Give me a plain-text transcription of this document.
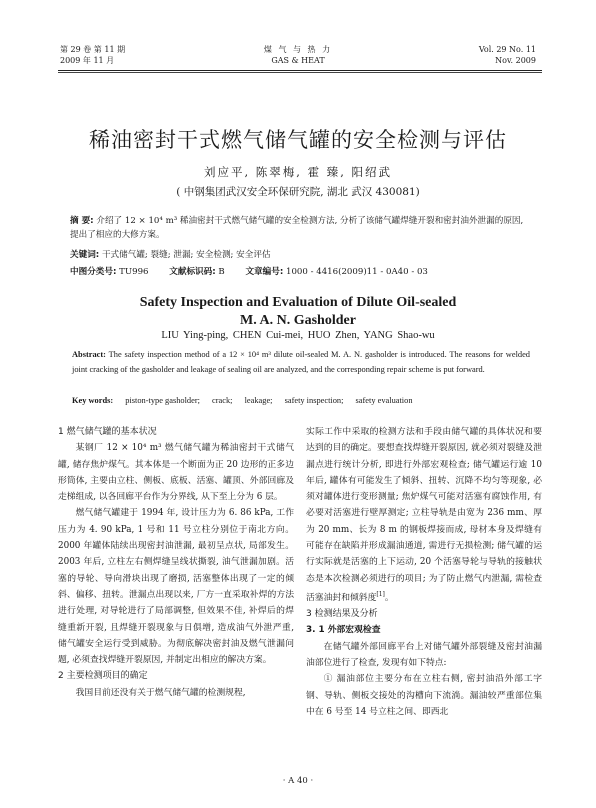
第 29 卷 第 11 期
2009 年 11 月
煤 气 与 热 力
GAS & HEAT
Vol. 29 No. 11
Nov. 2009
稀油密封干式燃气储气罐的安全检测与评估
刘应平, 陈翠梅, 霍 臻, 阳绍武
( 中钢集团武汉安全环保研究院, 湖北 武汉 430081)
摘 要: 介绍了 12 × 10⁴ m³ 稀油密封干式燃气储气罐的安全检测方法, 分析了该储气罐焊缝开裂和密封油外泄漏的原因, 提出了相应的大修方案。
关键词: 干式储气罐; 裂缝; 泄漏; 安全检测; 安全评估
中图分类号: TU996 文献标识码: B 文章编号: 1000 - 4416(2009)11 - 0A40 - 03
Safety Inspection and Evaluation of Dilute Oil-sealed
M. A. N. Gasholder
LIU Ying-ping, CHEN Cui-mei, HUO Zhen, YANG Shao-wu
Abstract: The safety inspection method of a 12 × 10⁴ m³ dilute oil-sealed M. A. N. gasholder is introduced. The reasons for welded joint cracking of the gasholder and leakage of sealing oil are analyzed, and the corresponding repair scheme is put forward.
Key words: piston-type gasholder; crack; leakage; safety inspection; safety evaluation
1 燃气储气罐的基本状况

某钢厂 12 × 10⁴ m³ 燃气储气罐为稀油密封干式储气罐, 储存焦炉煤气。其本体是一个断面为正 20 边形的正多边形筒体, 主要由立柱、侧板、底板、活塞、罐顶、外部回廊及走梯组成, 以各回廊平台作为分界线, 从下至上分为 6 层。

燃气储气罐建于 1994 年, 设计压力为 6. 86 kPa, 工作压力为 4. 90 kPa, 1 号和 11 号立柱分别位于南北方向。2000 年罐体陆续出现密封油泄漏, 最初呈点状, 局部发生。2003 年后, 立柱左右侧焊缝呈线状撕裂, 油气泄漏加剧。活塞的导轮、导向滑块出现了磨损, 活塞整体出现了一定的倾斜、偏移、扭转。泄漏点出现以来, 厂方一直采取补焊的方法进行处理, 对导轮进行了局部调整, 但效果不佳, 补焊后的焊缝重新开裂, 且焊缝开裂现象与日俱增, 造成油气外泄严重, 储气罐安全运行受到威胁。为彻底解决密封油及燃气泄漏问题, 必须查找焊缝开裂原因, 并制定出相应的解决方案。

2 主要检测项目的确定

我国目前还没有关于燃气储气罐的检测规程,

实际工作中采取的检测方法和手段由储气罐的具体状况和要达到的目的确定。要想查找焊缝开裂原因, 就必须对裂缝及泄漏点进行统计分析, 即进行外部宏观检查; 储气罐运行逾 10 年后, 罐体有可能发生了倾斜、扭转、沉降不均匀等现象, 必须对罐体进行变形测量; 焦炉煤气可能对活塞有腐蚀作用, 有必要对活塞进行壁厚测定; 立柱导轨是由宽为 236 mm、厚为 20 mm、长为 8 m 的钢板焊接而成, 母材本身及焊缝有可能存在缺陷并形成漏油通道, 需进行无损检测; 储气罐的运行实际就是活塞的上下运动, 20 个活塞导轮与导轨的接触状态是本次检测必须进行的项目; 为了防止燃气内泄漏, 需检查活塞油封和倾斜度[1]。

3 检测结果及分析
3. 1 外部宏观检查

在储气罐外部回廊平台上对储气罐外部裂缝及密封油漏油部位进行了检查, 发现有如下特点:

① 漏油部位主要分布在立柱右侧, 密封油沿外部工字钢、导轨、侧板交接处的沟槽向下流淌。漏油较严重部位集中在 6 号至 14 号立柱之间、即西北

· A 40 ·
